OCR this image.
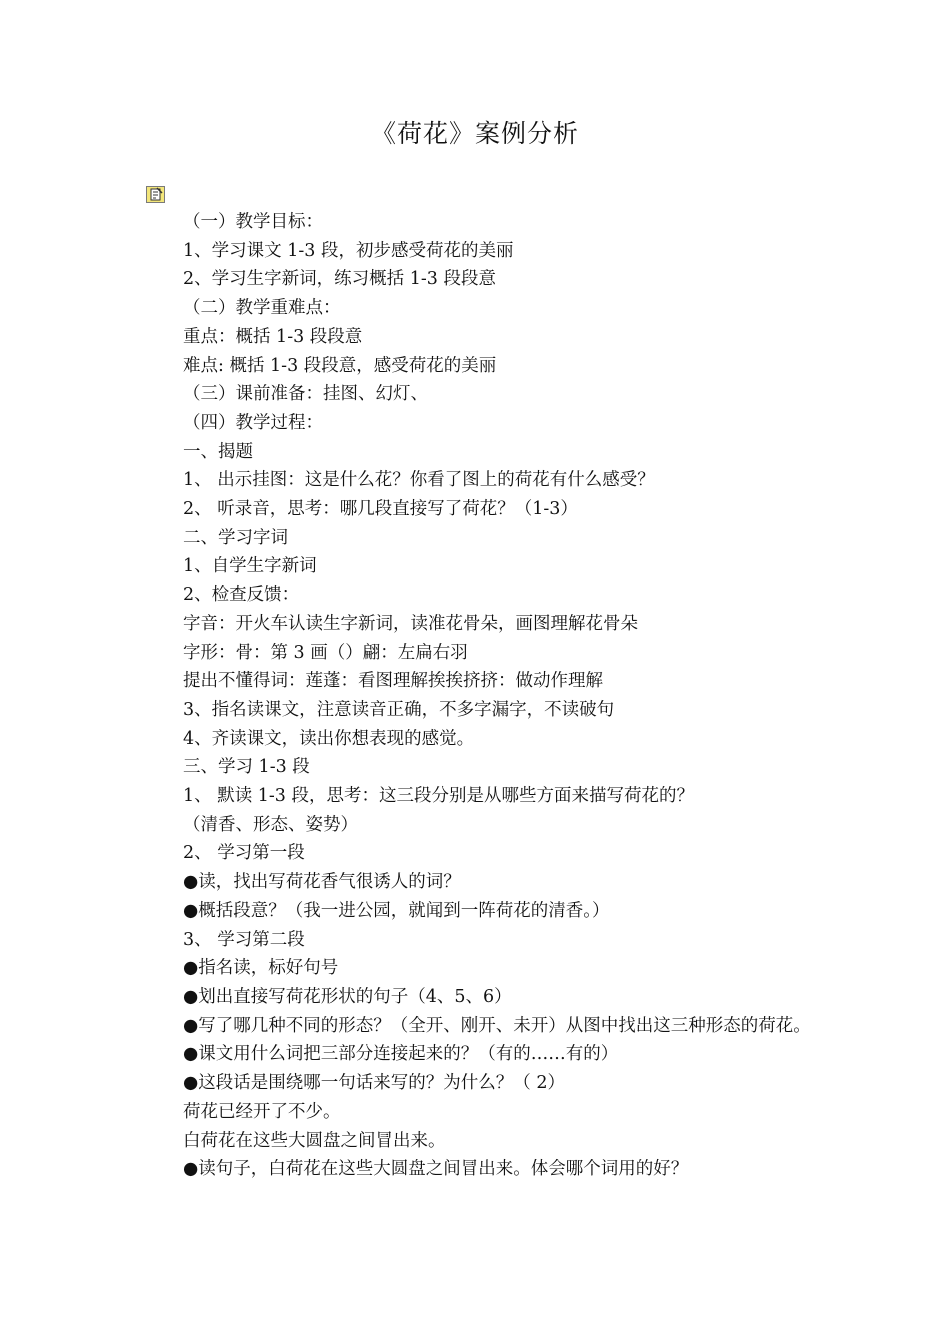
《荷花》案例分析
（一）教学目标：
1、学习课文 1-3 段，初步感受荷花的美丽
2、学习生字新词，练习概括 1-3 段段意
（二）教学重难点：
重点：概括 1-3 段段意
难点: 概括 1-3 段段意，感受荷花的美丽
（三）课前准备：挂图、幻灯、
（四）教学过程：
一、揭题
1、 出示挂图：这是什么花？你看了图上的荷花有什么感受？
2、 听录音，思考：哪几段直接写了荷花？（1-3）
二、学习字词
1、自学生字新词
2、检查反馈：
字音：开火车认读生字新词，读准花骨朵，画图理解花骨朵
字形：骨：第 3 画（）翩：左扁右羽
提出不懂得词：莲蓬：看图理解挨挨挤挤：做动作理解
3、指名读课文，注意读音正确，不多字漏字，不读破句
4、齐读课文，读出你想表现的感觉。
三、学习 1-3 段
1、 默读 1-3 段，思考：这三段分别是从哪些方面来描写荷花的？
（清香、形态、姿势）
2、 学习第一段
●读，找出写荷花香气很诱人的词？
●概括段意？（我一进公园，就闻到一阵荷花的清香。）
3、 学习第二段
●指名读，标好句号
●划出直接写荷花形状的句子（4、5、6）
●写了哪几种不同的形态？（全开、刚开、未开）从图中找出这三种形态的荷花。
●课文用什么词把三部分连接起来的？（有的……有的）
●这段话是围绕哪一句话来写的？为什么？（ 2）
荷花已经开了不少。
白荷花在这些大圆盘之间冒出来。
●读句子，白荷花在这些大圆盘之间冒出来。体会哪个词用的好？
